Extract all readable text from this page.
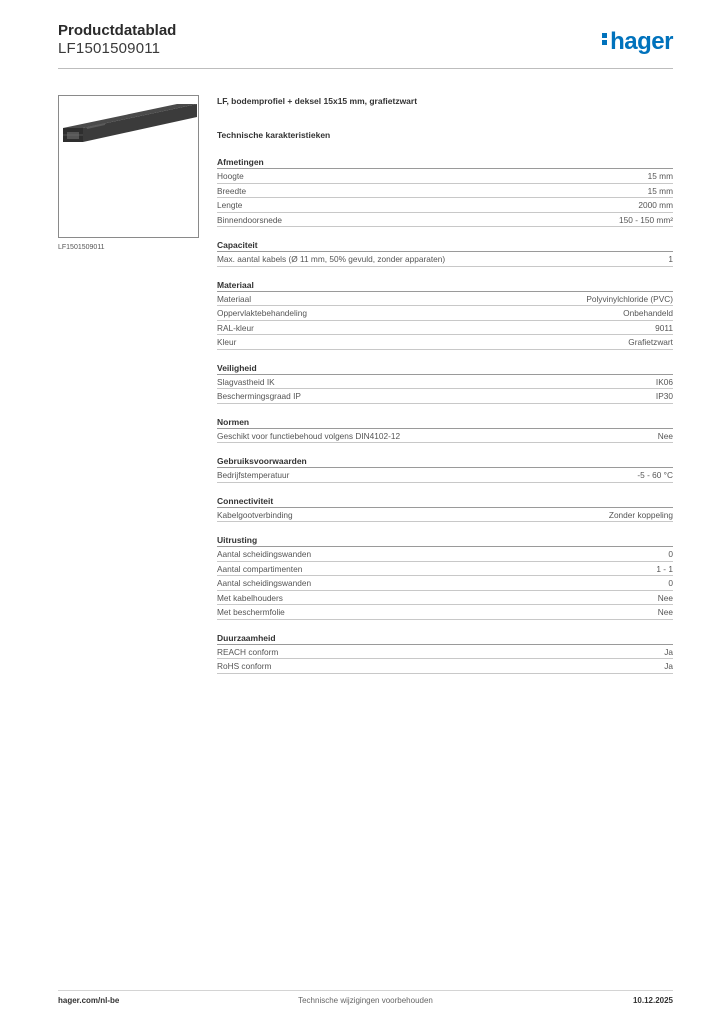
Productdatablad
LF1501509011	hager
LF1501509011
LF, bodemprofiel + deksel 15x15 mm, grafietzwart
Technische karakteristieken
Afmetingen
Hoogte	15 mm
Breedte	15 mm
Lengte	2000 mm
Binnendoorsnede	150 - 150 mm²
Capaciteit
Max. aantal kabels (Ø 11 mm, 50% gevuld, zonder apparaten)	1
Materiaal
Materiaal	Polyvinylchloride (PVC)
Oppervlaktebehandeling	Onbehandeld
RAL-kleur	9011
Kleur	Grafietzwart
Veiligheid
Slagvastheid IK	IK06
Beschermingsgraad IP	IP30
Normen
Geschikt voor functiebehoud volgens DIN4102-12	Nee
Gebruiksvoorwaarden
Bedrijfstemperatuur	-5 - 60 °C
Connectiviteit
Kabelgootverbinding	Zonder koppeling
Uitrusting
Aantal scheidingswanden	0
Aantal compartimenten	1 - 1
Aantal scheidingswanden	0
Met kabelhouders	Nee
Met beschermfolie	Nee
Duurzaamheid
REACH conform	Ja
RoHS conform	Ja
hager.com/nl-be	Technische wijzigingen voorbehouden	10.12.2025
